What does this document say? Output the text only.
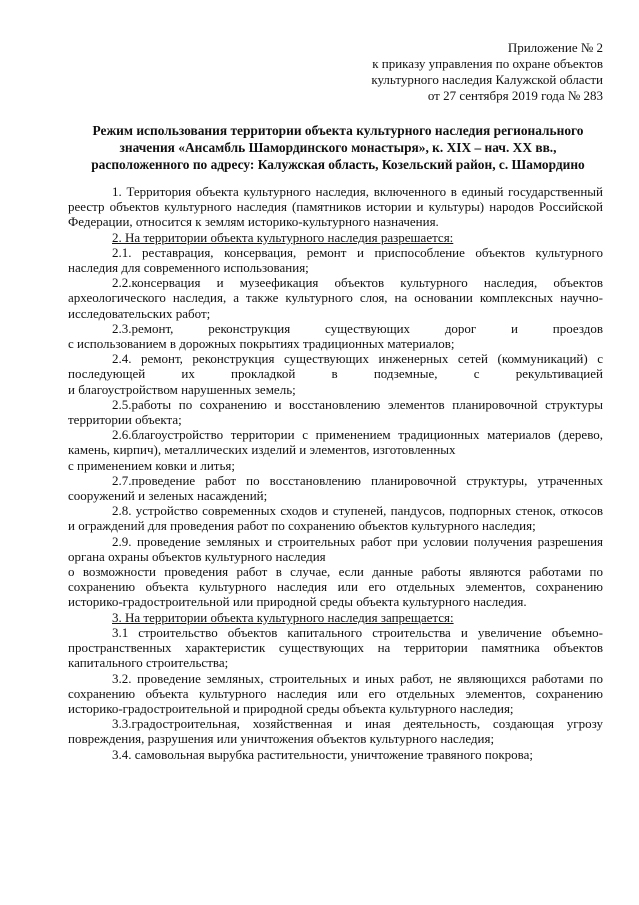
Приложение № 2
к приказу управления по охране объектов
культурного наследия Калужской области
от 27 сентября 2019 года № 283
Режим использования территории объекта культурного наследия регионального
значения «Ансамбль Шамординского монастыря», к. XIX – нач. XX вв.,
расположенного по адресу: Калужская область, Козельский район, с. Шамордино

1. Территория объекта культурного наследия, включенного в единый государственный реестр объектов культурного наследия (памятников истории и культуры) народов Российской Федерации, относится к землям историко-культурного назначения.

2. На территории объекта культурного наследия разрешается:

2.1. реставрация, консервация, ремонт и приспособление объектов культурного наследия для современного использования;

2.2.консервация и музеефикация объектов культурного наследия, объектов археологического наследия, а также культурного слоя, на основании комплексных научно-исследовательских работ;

2.3.ремонт, реконструкция существующих дорог и проездов

с использованием в дорожных покрытиях традиционных материалов;

2.4. ремонт, реконструкция существующих инженерных сетей (коммуникаций) с

последующей их прокладкой в подземные, с рекультивацией

и благоустройством нарушенных земель;

2.5.работы по сохранению и восстановлению элементов планировочной структуры территории объекта;

2.6.благоустройство территории с применением традиционных материалов (дерево, камень, кирпич), металлических изделий и элементов, изготовленных

с применением ковки и литья;

2.7.проведение работ по восстановлению планировочной структуры, утраченных сооружений и зеленых насаждений;

2.8. устройство современных сходов и ступеней, пандусов, подпорных стенок, откосов и ограждений для проведения работ по сохранению объектов культурного наследия;

2.9. проведение земляных и строительных работ при условии получения разрешения органа охраны объектов культурного наследия

о возможности проведения работ в случае, если данные работы являются работами по сохранению объекта культурного наследия или его отдельных элементов, сохранению историко-градостроительной или природной среды объекта культурного наследия.

3. На территории объекта культурного наследия запрещается:

3.1 строительство объектов капитального строительства и увеличение объемно-пространственных характеристик существующих на территории памятника объектов капитального строительства;

3.2. проведение земляных, строительных и иных работ, не являющихся работами по сохранению объекта культурного наследия или его отдельных элементов, сохранению историко-градостроительной и природной среды объекта культурного наследия;

3.3.градостроительная, хозяйственная и иная деятельность, создающая угрозу повреждения, разрушения или уничтожения объектов культурного наследия;

3.4. самовольная вырубка растительности, уничтожение травяного покрова;
